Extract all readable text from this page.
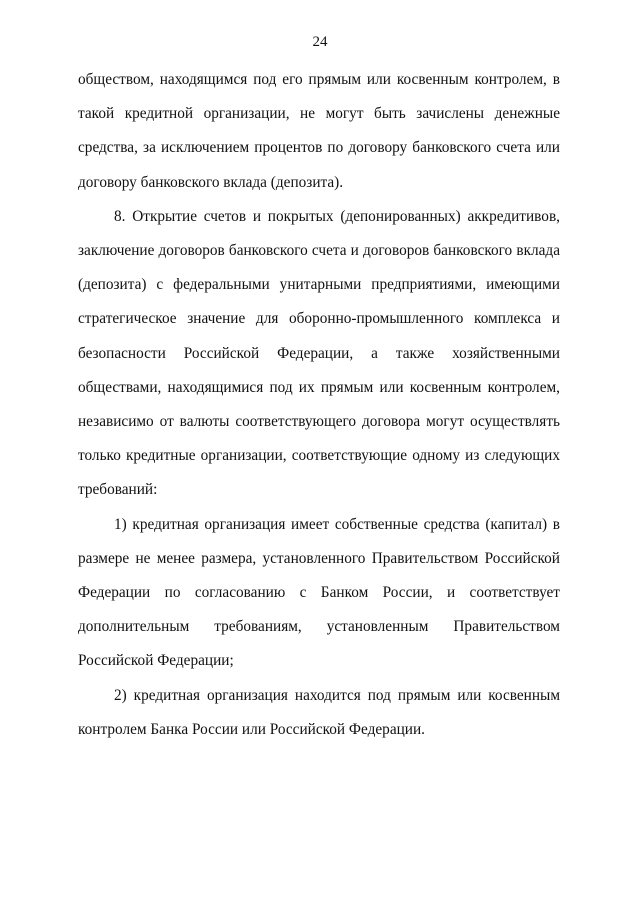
24

обществом, находящимся под его прямым или косвенным контролем, в такой кредитной организации, не могут быть зачислены денежные средства, за исключением процентов по договору банковского счета или договору банковского вклада (депозита).

8. Открытие счетов и покрытых (депонированных) аккредитивов, заключение договоров банковского счета и договоров банковского вклада (депозита) с федеральными унитарными предприятиями, имеющими стратегическое значение для оборонно-промышленного комплекса и безопасности Российской Федерации, а также хозяйственными обществами, находящимися под их прямым или косвенным контролем, независимо от валюты соответствующего договора могут осуществлять только кредитные организации, соответствующие одному из следующих требований:

1) кредитная организация имеет собственные средства (капитал) в размере не менее размера, установленного Правительством Российской Федерации по согласованию с Банком России, и соответствует дополнительным требованиям, установленным Правительством Российской Федерации;

2) кредитная организация находится под прямым или косвенным контролем Банка России или Российской Федерации.
